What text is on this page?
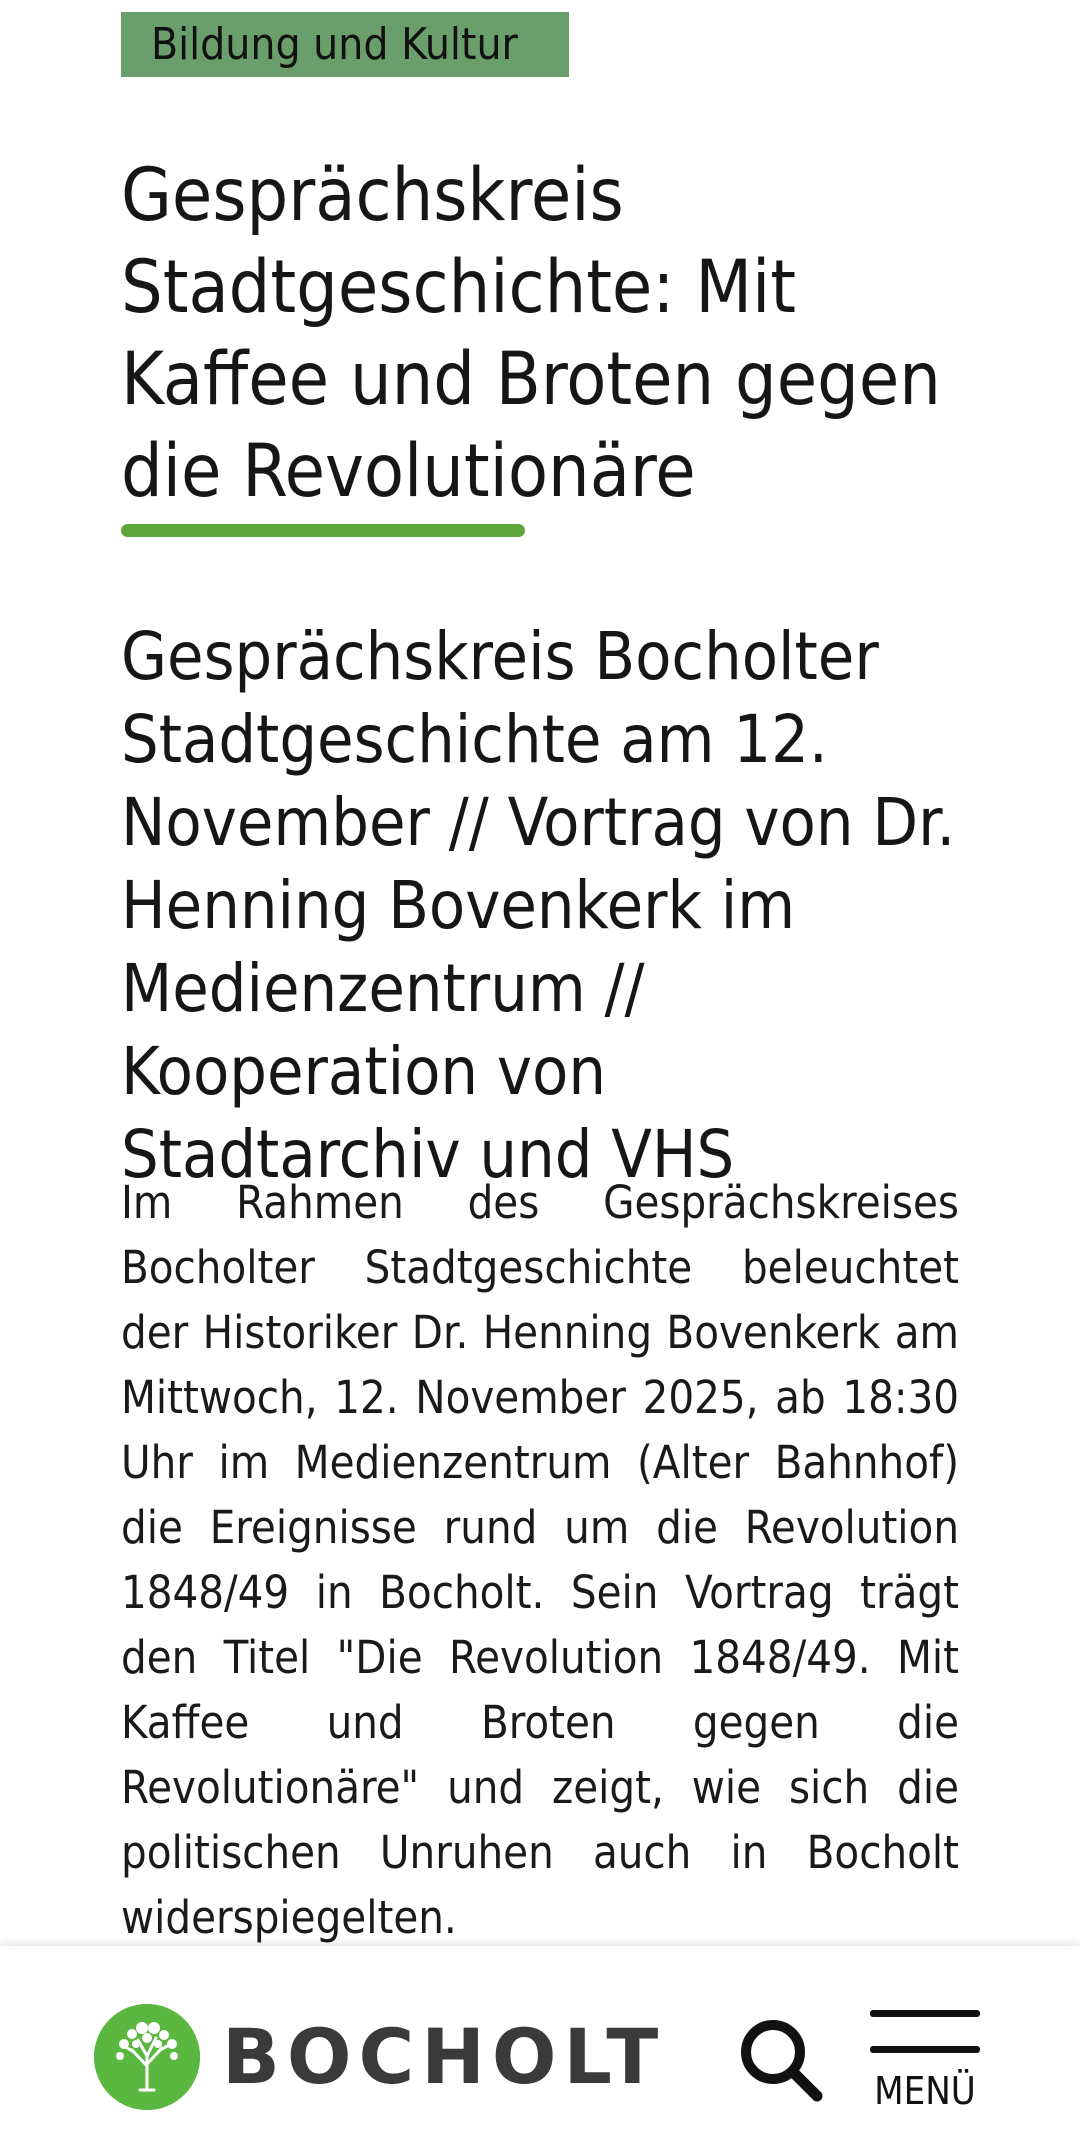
Bildung und Kultur
Gesprächskreis Stadtgeschichte: Mit Kaffee und Broten gegen die Revolutionäre
Gesprächskreis Bocholter Stadtgeschichte am 12. November // Vortrag von Dr. Henning Bovenkerk im Medienzentrum // Kooperation von Stadtarchiv und VHS

Im Rahmen des Gesprächskreises Bocholter Stadtgeschichte beleuchtet der Historiker Dr. Henning Bovenkerk am Mittwoch, 12. November 2025, ab 18:30 Uhr im Medienzentrum (Alter Bahnhof) die Ereignisse rund um die Revolution 1848/49 in Bocholt. Sein Vortrag trägt den Titel "Die Revolution 1848/49. Mit Kaffee und Broten gegen die Revolutionäre" und zeigt, wie sich die politischen Unruhen auch in Bocholt widerspiegelten.

BOCHOLT	MENÜ
